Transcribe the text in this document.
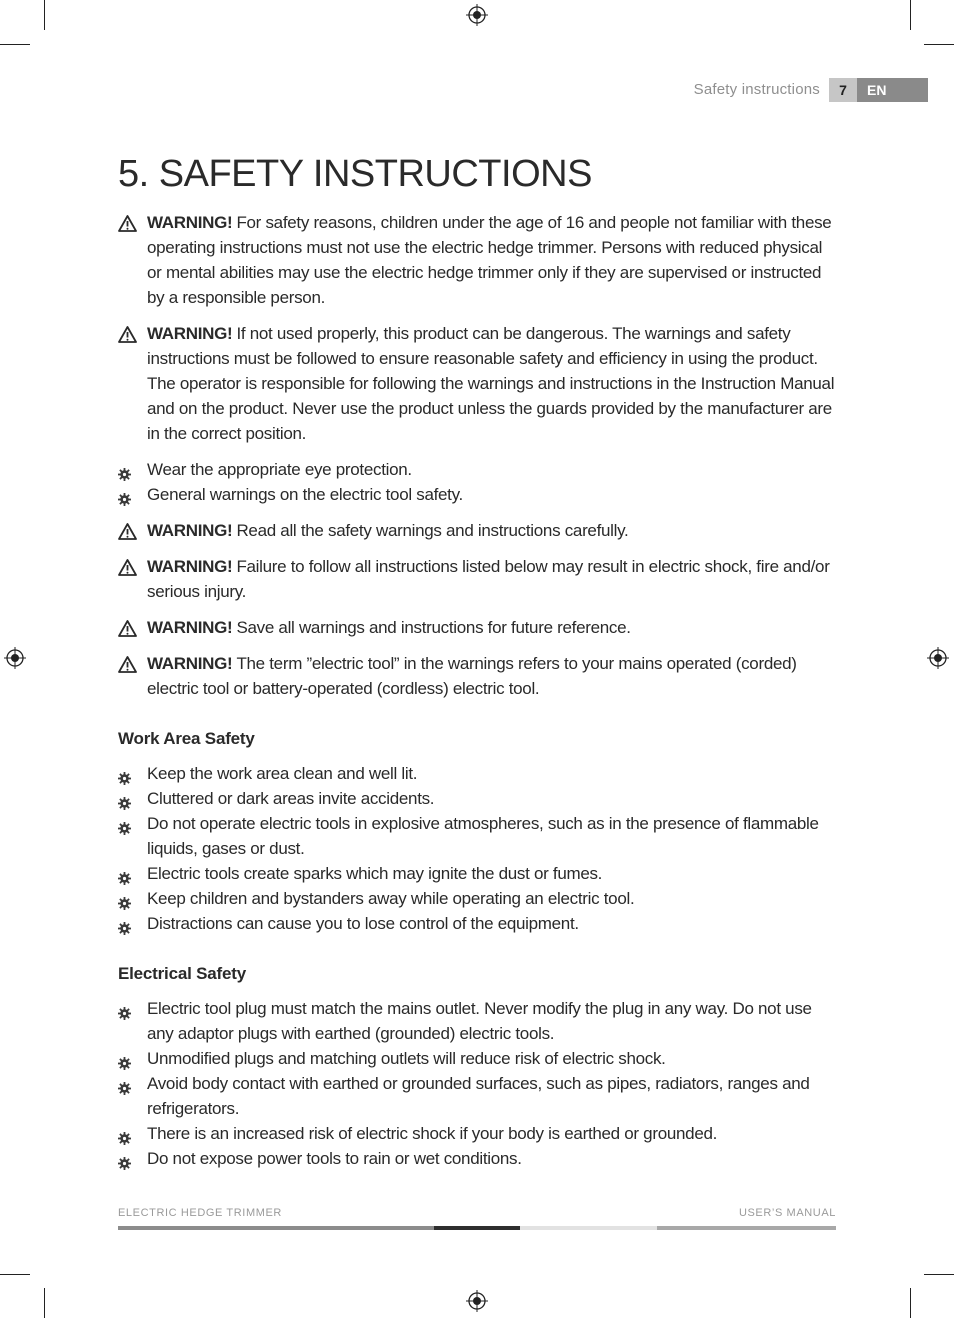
Safety instructions	7	EN
5. SAFETY INSTRUCTIONS
WARNING! For safety reasons, children under the age of 16 and people not familiar with these operating instructions must not use the electric hedge trimmer. Persons with reduced physical or mental abilities may use the electric hedge trimmer only if they are supervised or instructed by a responsible person.
WARNING! If not used properly, this product can be dangerous. The warnings and safety instructions must be followed to ensure reasonable safety and efficiency in using the product. The operator is responsible for following the warnings and instructions in the Instruction Manual and on the product. Never use the product unless the guards provided by the manufacturer are in the correct position.
Wear the appropriate eye protection.
General warnings on the electric tool safety.
WARNING! Read all the safety warnings and instructions carefully.
WARNING! Failure to follow all instructions listed below may result in electric shock, fire and/or serious injury.
WARNING! Save all warnings and instructions for future reference.
WARNING! The term ”electric tool” in the warnings refers to your mains operated (corded) electric tool or battery-operated (cordless) electric tool.
Work Area Safety
Keep the work area clean and well lit.
Cluttered or dark areas invite accidents.
Do not operate electric tools in explosive atmospheres, such as in the presence of flammable liquids, gases or dust.
Electric tools create sparks which may ignite the dust or fumes.
Keep children and bystanders away while operating an electric tool.
Distractions can cause you to lose control of the equipment.
Electrical Safety
Electric tool plug must match the mains outlet. Never modify the plug in any way. Do not use any adaptor plugs with earthed (grounded) electric tools.
Unmodified plugs and matching outlets will reduce risk of electric shock.
Avoid body contact with earthed or grounded surfaces, such as pipes, radiators, ranges and refrigerators.
There is an increased risk of electric shock if your body is earthed or grounded.
Do not expose power tools to rain or wet conditions.
ELECTRIC HEDGE TRIMMER	USER’S MANUAL
